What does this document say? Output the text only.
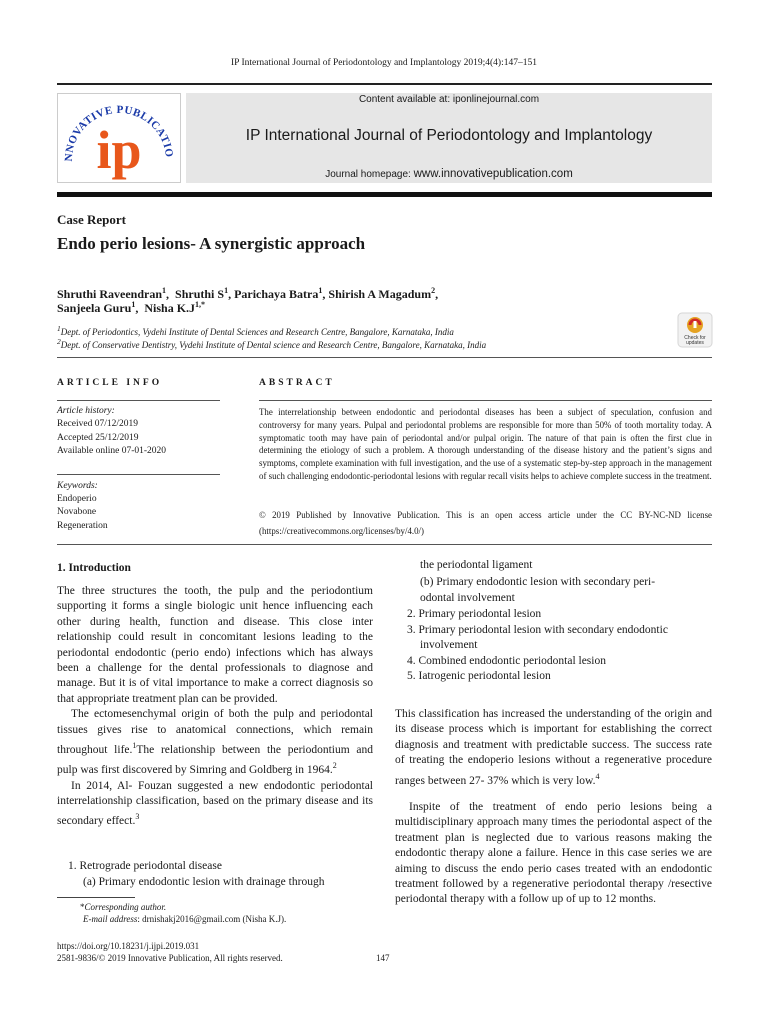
IP International Journal of Periodontology and Implantology 2019;4(4):147–151
NNOVATIVE PUBLICATIO
ip
Content available at: iponlinejournal.com
IP International Journal of Periodontology and Implantology
Journal homepage: www.innovativepublication.com
Case Report
Endo perio lesions- A synergistic approach
Shruthi Raveendran$^1$,  Shruthi $S^1$, Parichaya Batra$^1$, Shirish A Magadum$^2$,
Sanjeela Guru$^1$,  Nisha $K.J^{1,*}$
$^1$Dept. of Periodontics, Vydehi Institute of Dental Sciences and Research Centre, Bangalore, Karnataka, India
$^2$Dept. of Conservative Dentistry, Vydehi Institute of Dental science and Research Centre, Bangalore, Karnataka, India
Check for
updates
ARTICLE INFO	ABSTRACT
Article history:
Received 07/12/2019
Accepted 25/12/2019
Available online 07-01-2020
Keywords:
Endoperio
Novabone
Regeneration
The interrelationship between endodontic and periodontal diseases has been a subject of speculation, confusion and controversy for many years. Pulpal and periodontal problems are responsible for more than 50% of tooth mortality today. A symptomatic tooth may have pain of periodontal and/or pulpal origin. The nature of that pain is often the first clue in determining the etiology of such a problem. A thorough understanding of the disease history and the patient’s signs and symptoms, complete examination with full investigation, and the use of a systematic step-by-step approach in the management of such challenging endodontic-periodontal lesions with regular recall visits helps to achieve complete success in the treatment.
© 2019 Published by Innovative Publication. This is an open access article under the CC BY-NC-ND license (https://creativecommons.org/licenses/by/4.0/)
1. Introduction

The three structures the tooth, the pulp and the periodontium supporting it forms a single biologic unit hence influencing each other during health, function and disease. This close inter relationship could result in concomitant lesions leading to the periodontal endodontic (perio endo) infections which has always been a challenge for the dental professionals to diagnose and manage. But it is of vital importance to make a correct diagnosis so that appropriate treatment plan can be provided.

The ectomesenchymal origin of both the pulp and periodontal tissues gives rise to anatomical connections, which remain throughout life.$^1$The relationship between the periodontium and pulp was first discovered by Simring and Goldberg in 1964.$^2$

In 2014, Al- Fouzan suggested a new endodontic periodontal interrelationship classification, based on the primary disease and its secondary effect.$^3$

1. Retrograde periodontal disease
(a) Primary endodontic lesion with drainage through
*Corresponding author.
E-mail address: drnishakj2016@gmail.com (Nisha K.J).
https://doi.org/10.18231/j.ijpi.2019.031
2581-9836/© 2019 Innovative Publication, All rights reserved.	147
the periodontal ligament
(b) Primary endodontic lesion with secondary peri-
odontal involvement
2. Primary periodontal lesion
3. Primary periodontal lesion with secondary endodontic
involvement
4. Combined endodontic periodontal lesion
5. Iatrogenic periodontal lesion
This classification has increased the understanding of the origin and its disease process which is important for establishing the correct diagnosis and treatment with predictable success. The success rate of treating the endoperio lesions without a regenerative procedure ranges between 27- 37% which is very low.$^4$
Inspite of the treatment of endo perio lesions being a multidisciplinary approach many times the periodontal aspect of the treatment plan is neglected due to various reasons making the endodontic therapy alone a failure. Hence in this case series we are aiming to discuss the endo perio cases treated with an endodontic treatment followed by a regenerative periodontal therapy /resective periodontal therapy with a follow up of up to 12 months.
